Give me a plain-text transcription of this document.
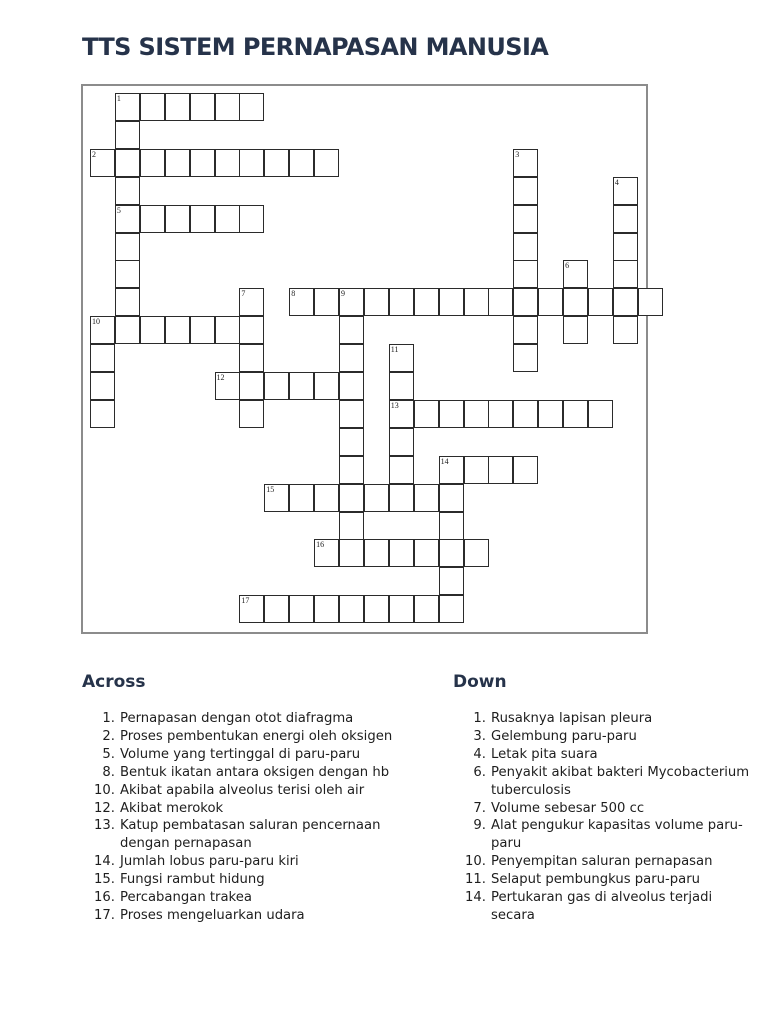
TTS SISTEM PERNAPASAN MANUSIA
1
5
2	3
4
6
7	8	9
10
11
13
12
14
15
16
17
Across
1. Pernapasan dengan otot diafragma
2. Proses pembentukan energi oleh oksigen
5. Volume yang tertinggal di paru-paru
8. Bentuk ikatan antara oksigen dengan hb
10. Akibat apabila alveolus terisi oleh air
12. Akibat merokok
13. Katup pembatasan saluran pencernaan dengan pernapasan
14. Jumlah lobus paru-paru kiri
15. Fungsi rambut hidung
16. Percabangan trakea
17. Proses mengeluarkan udara
Down
1. Rusaknya lapisan pleura
3. Gelembung paru-paru
4. Letak pita suara
6. Penyakit akibat bakteri Mycobacterium tuberculosis
7. Volume sebesar 500 cc
9. Alat pengukur kapasitas volume paru-paru
10. Penyempitan saluran pernapasan
11. Selaput pembungkus paru-paru
14. Pertukaran gas di alveolus terjadi secara
